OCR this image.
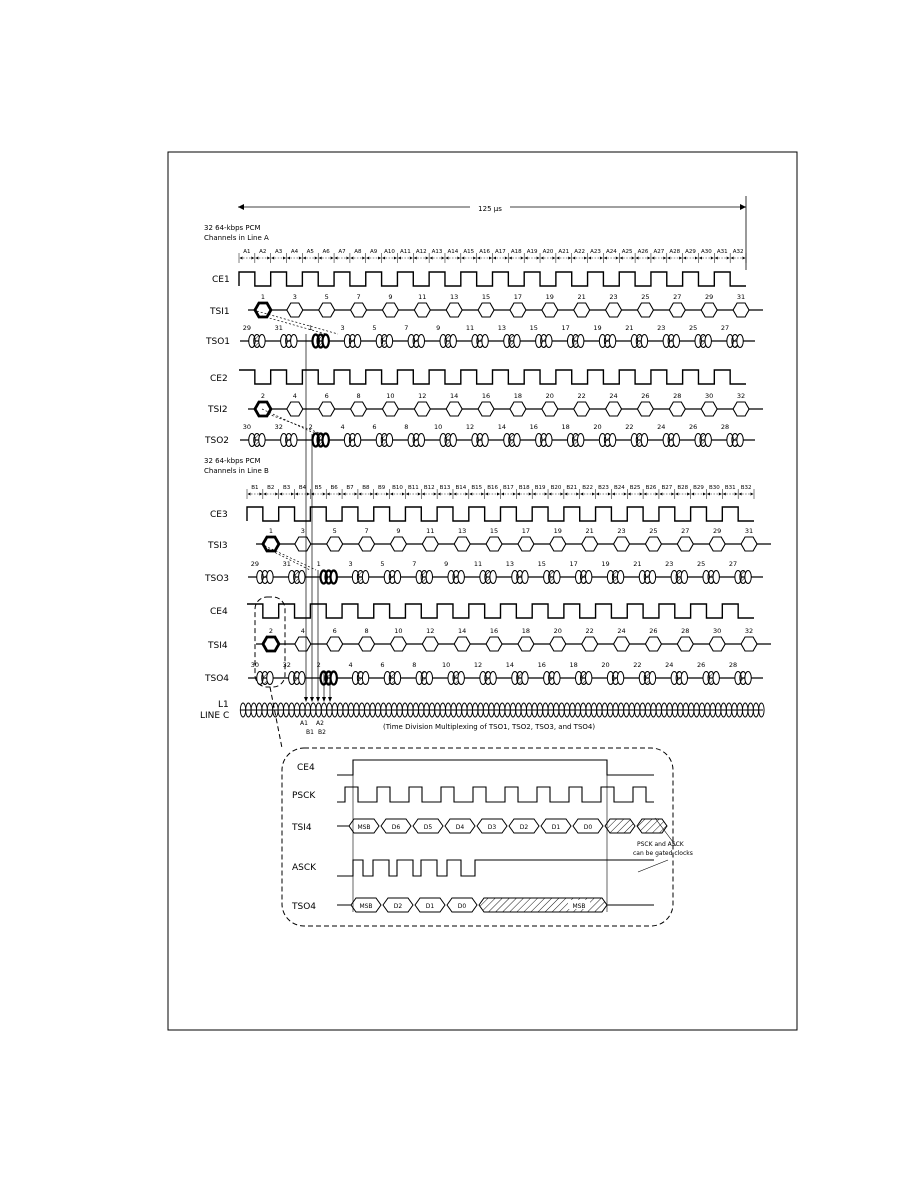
125 μs
32 64-kbps PCM
Channels in Line A
A1 A2 A3 A4 A5 A6 A7 A8 A9 A10 A11 A12 A13 A14 A15 A16 A17 A18 A19 A20 A21 A22 A23 A24 A25 A26 A27 A28 A29 A30 A31 A32
CE1
TSI1
1	3	5	7	9	11	13	15	17	19	21	23	25	27	29	31
TSO1
29	31	1	3	5	7	9	11	13	15	17	19	21	23	25	27
CE2
TSI2
2	4	6	8	10	12	14	16	18	20	22	24	26	28	30	32
TSO2
30	32	2	4	6	8	10	12	14	16	18	20	22	24	26	28
32 64-kbps PCM
Channels in Line B
B1 B2 B3 B4 B5 B6 B7 B8 B9 B10 B11 B12 B13 B14 B15 B16 B17 B18 B19 B20 B21 B22 B23 B24 B25 B26 B27 B28 B29 B30 B31 B32
CE3
TSI3
1	3	5	7	9	11	13	15	17	19	21	23	25	27	29	31
TSO3
29	31	1	3	5	7	9	11	13	15	17	19	21	23	25	27
CE4
TSI4
2	4	6	8	10	12	14	16	18	20	22	24	26	28	30	32
TSO4
30	32	2	4	6	8	10	12	14	16	18	20	22	24	26	28
L1
LINE C
A1 A2
B1 B2
(Time Division Multiplexing of TSO1, TSO2, TSO3, and TSO4)
CE4
PSCK
TSI4
ASCK
TSO4
MSB	D6	D5	D4	D3	D2	D1	D0
MSB	D2	D1	D0	MSB
PSCK and ASCK
can be gated clocks
